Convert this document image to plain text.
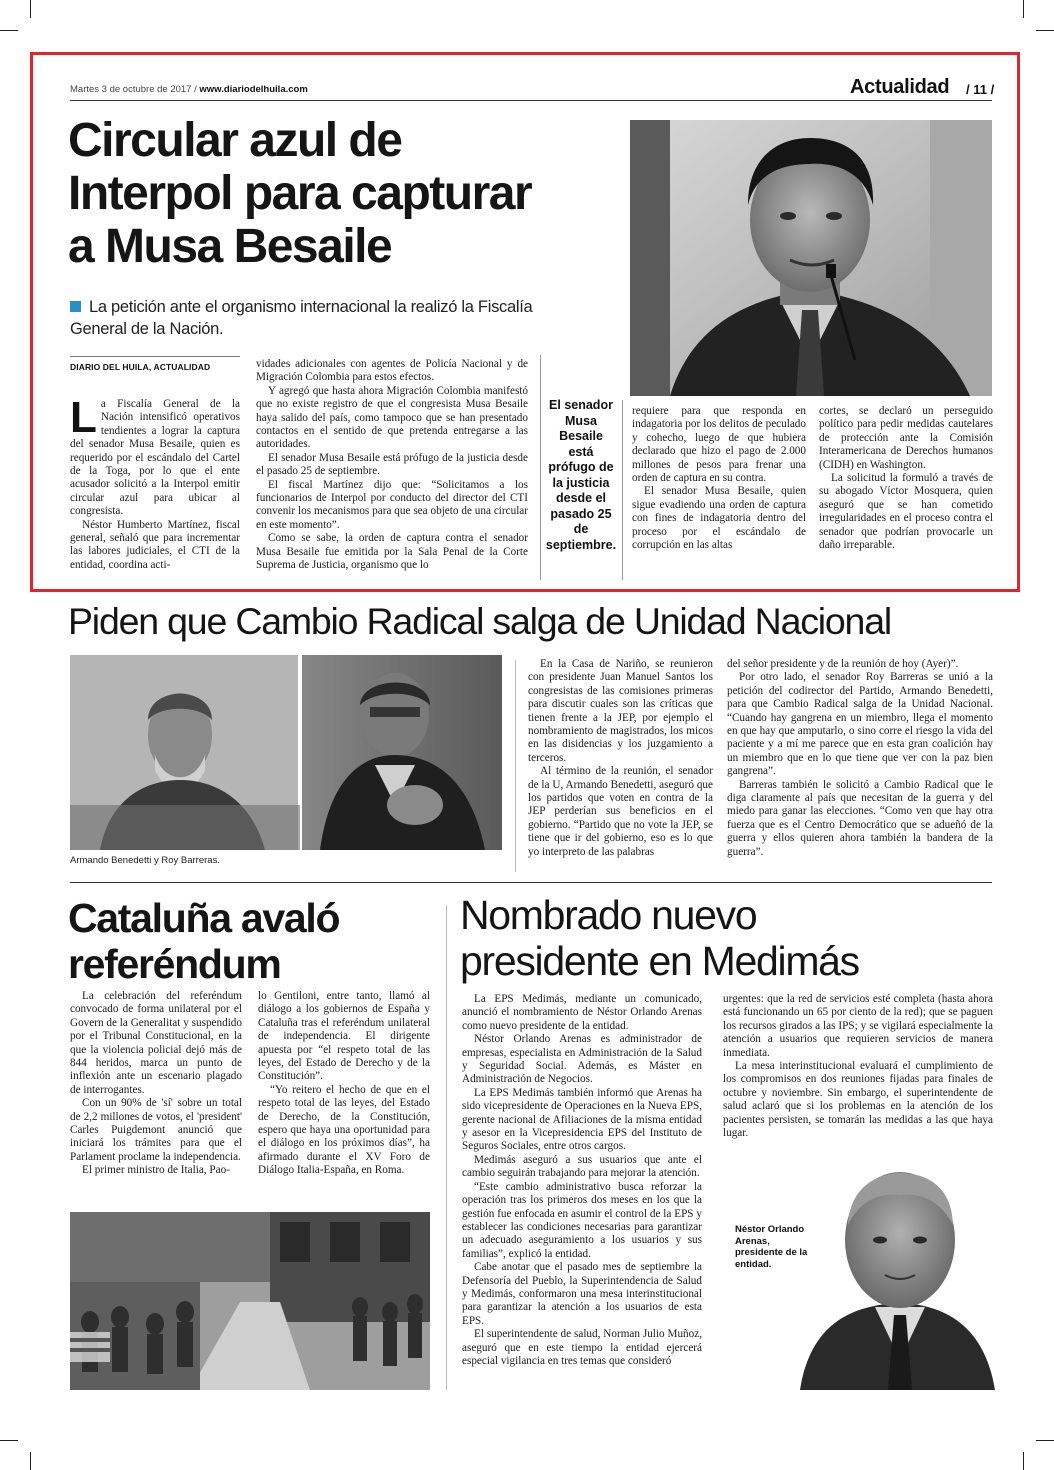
Martes 3 de octubre de 2017 / www.diariodelhuila.com	Actualidad / 11 /
Circular azul de
Interpol para capturar
a Musa Besaile
La petición ante el organismo internacional la realizó la Fiscalía
General de la Nación.
DIARIO DEL HUILA, ACTUALIDAD

La Fiscalía General de la Nación intensificó operativos tendientes a lograr la captura del senador Musa Besaile, quien es requerido por el escándalo del Cartel de la Toga, por lo que el ente acusador solicitó a la Interpol emitir circular azul para ubicar al congresista.

Néstor Humberto Martínez, fiscal general, señaló que para incrementar las labores judiciales, el CTI de la entidad, coordina acti-

vidades adicionales con agentes de Policía Nacional y de Migración Colombia para estos efectos.

Y agregó que hasta ahora Migración Colombia manifestó que no existe registro de que el congresista Musa Besaile haya salido del país, como tampoco que se han presentado contactos en el sentido de que pretenda entregarse a las autoridades.

El senador Musa Besaile está prófugo de la justicia desde el pasado 25 de septiembre.

El fiscal Martínez dijo que: “Solicitamos a los funcionarios de Interpol por conducto del director del CTI convenir los mecanismos para que sea objeto de una circular en este momento”.

Como se sabe, la orden de captura contra el senador Musa Besaile fue emitida por la Sala Penal de la Corte Suprema de Justicia, organismo que lo

El senador Musa Besaile está prófugo de la justicia desde el pasado 25 de septiembre.

requiere para que responda en indagatoria por los delitos de peculado y cohecho, luego de que hubiera declarado que hizo el pago de 2.000 millones de pesos para frenar una orden de captura en su contra.

El senador Musa Besaile, quien sigue evadiendo una orden de captura con fines de indagatoria dentro del proceso por el escándalo de corrupción en las altas

cortes, se declaró un perseguido político para pedir medidas cautelares de protección ante la Comisión Interamericana de Derechos humanos (CIDH) en Washington.

La solicitud la formuló a través de su abogado Víctor Mosquera, quien aseguró que se han cometido irregularidades en el proceso contra el senador que podrían provocarle un daño irreparable.

Piden que Cambio Radical salga de Unidad Nacional
Armando Benedetti y Roy Barreras.

En la Casa de Nariño, se reunieron con presidente Juan Manuel Santos los congresistas de las comisiones primeras para discutir cuales son las críticas que tienen frente a la JEP, por ejemplo el nombramiento de magistrados, los micos en las disidencias y los juzgamiento a terceros.

Al término de la reunión, el senador de la U, Armando Benedetti, aseguró que los partidos que voten en contra de la JEP perderían sus beneficios en el gobierno. “Partido que no vote la JEP, se tiene que ir del gobierno, eso es lo que yo interpreto de las palabras

del señor presidente y de la reunión de hoy (Ayer)”.

Por otro lado, el senador Roy Barreras se unió a la petición del codirector del Partido, Armando Benedetti, para que Cambio Radical salga de la Unidad Nacional. “Cuando hay gangrena en un miembro, llega el momento en que hay que amputarlo, o sino corre el riesgo la vida del paciente y a mí me parece que en esta gran coalición hay un miembro que en lo que tiene que ver con la paz bien gangrena”.

Barreras también le solicitó a Cambio Radical que le diga claramente al país que necesitan de la guerra y del miedo para ganar las elecciones. “Como ven que hay otra fuerza que es el Centro Democrático que se adueñó de la guerra y ellos quieren ahora también la bandera de la guerra”.

Cataluña avaló
referéndum

La celebración del referéndum convocado de forma unilateral por el Govern de la Generalitat y suspendido por el Tribunal Constitucional, en la que la violencia policial dejó más de 844 heridos, marca un punto de inflexión ante un escenario plagado de interrogantes.

Con un 90% de 'sí' sobre un total de 2,2 millones de votos, el 'president' Carles Puigdemont anunció que iniciará los trámites para que el Parlament proclame la independencia.

El primer ministro de Italia, Pao-

lo Gentiloni, entre tanto, llamó al diálogo a los gobiernos de España y Cataluña tras el referéndum unilateral de independencia. El dirigente apuesta por “el respeto total de las leyes, del Estado de Derecho y de la Constitución”.

“Yo reitero el hecho de que en el respeto total de las leyes, del Estado de Derecho, de la Constitución, espero que haya una oportunidad para el diálogo en los próximos días”, ha afirmado durante el XV Foro de Diálogo Italia-España, en Roma.

Nombrado nuevo
presidente en Medimás

La EPS Medimás, mediante un comunicado, anunció el nombramiento de Néstor Orlando Arenas como nuevo presidente de la entidad.

Néstor Orlando Arenas es administrador de empresas, especialista en Administración de la Salud y Seguridad Social. Además, es Máster en Administración de Negocios.

La EPS Medimás también informó que Arenas ha sido vicepresidente de Operaciones en la Nueva EPS, gerente nacional de Afiliaciones de la misma entidad y asesor en la Vicepresidencia EPS del Instituto de Seguros Sociales, entre otros cargos.

Medimás aseguró a sus usuarios que ante el cambio seguirán trabajando para mejorar la atención.

“Este cambio administrativo busca reforzar la operación tras los primeros dos meses en los que la gestión fue enfocada en asumir el control de la EPS y establecer las condiciones necesarias para garantizar un adecuado aseguramiento a los usuarios y sus familias”, explicó la entidad.

Cabe anotar que el pasado mes de septiembre la Defensoría del Pueblo, la Superintendencia de Salud y Medimás, conformaron una mesa interinstitucional para garantizar la atención a los usuarios de esta EPS.

El superintendente de salud, Norman Julio Muñoz, aseguró que en este tiempo la entidad ejercerá especial vigilancia en tres temas que consideró

urgentes: que la red de servicios esté completa (hasta ahora está funcionando un 65 por ciento de la red); que se paguen los recursos girados a las IPS; y se vigilará especialmente la atención a usuarios que requieren servicios de manera inmediata.

La mesa interinstitucional evaluará el cumplimiento de los compromisos en dos reuniones fijadas para finales de octubre y noviembre. Sin embargo, el superintendente de salud aclaró que si los problemas en la atención de los pacientes persisten, se tomarán las medidas a las que haya lugar.

Néstor Orlando Arenas, presidente de la entidad.
